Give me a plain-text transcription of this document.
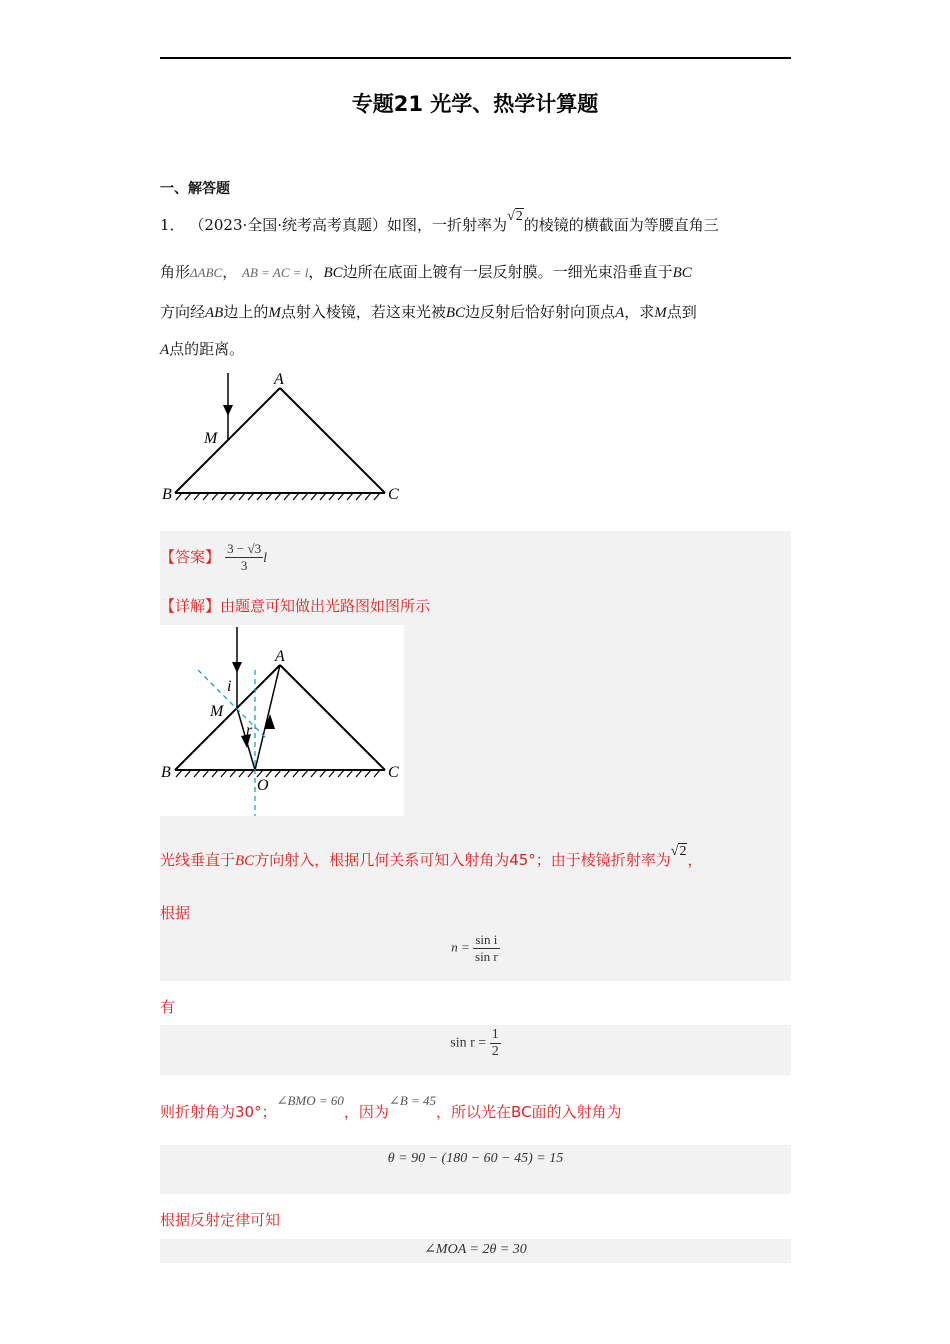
专题21 光学、热学计算题
一、解答题
1． （2023·全国·统考高考真题）如图，一折射率为√2的棱镜的横截面为等腰直角三
角形ΔABC， AB = AC = l，BC边所在底面上镀有一层反射膜。一细光束沿垂直于BC
方向经AB边上的M点射入棱镜，若这束光被BC边反射后恰好射向顶点A，求M点到
A点的距离。
A
B	C
M
【答案】 $\frac{3 - √3}{3}$ l
【详解】由题意可知做出光路图如图所示
A
B	C
M
O
i
r
光线垂直于BC方向射入，根据几何关系可知入射角为45°；由于棱镜折射率为√2，
根据
$n = \frac{\text{sin i}}{\text{sin r}}$
有
$\sin r = \frac{1}{2}$
则折射角为30°；∠BMO = 60，因为∠B = 45，所以光在BC面的入射角为
θ = 90 − (180 − 60 − 45) = 15
根据反射定律可知
∠MOA = 2θ = 30
